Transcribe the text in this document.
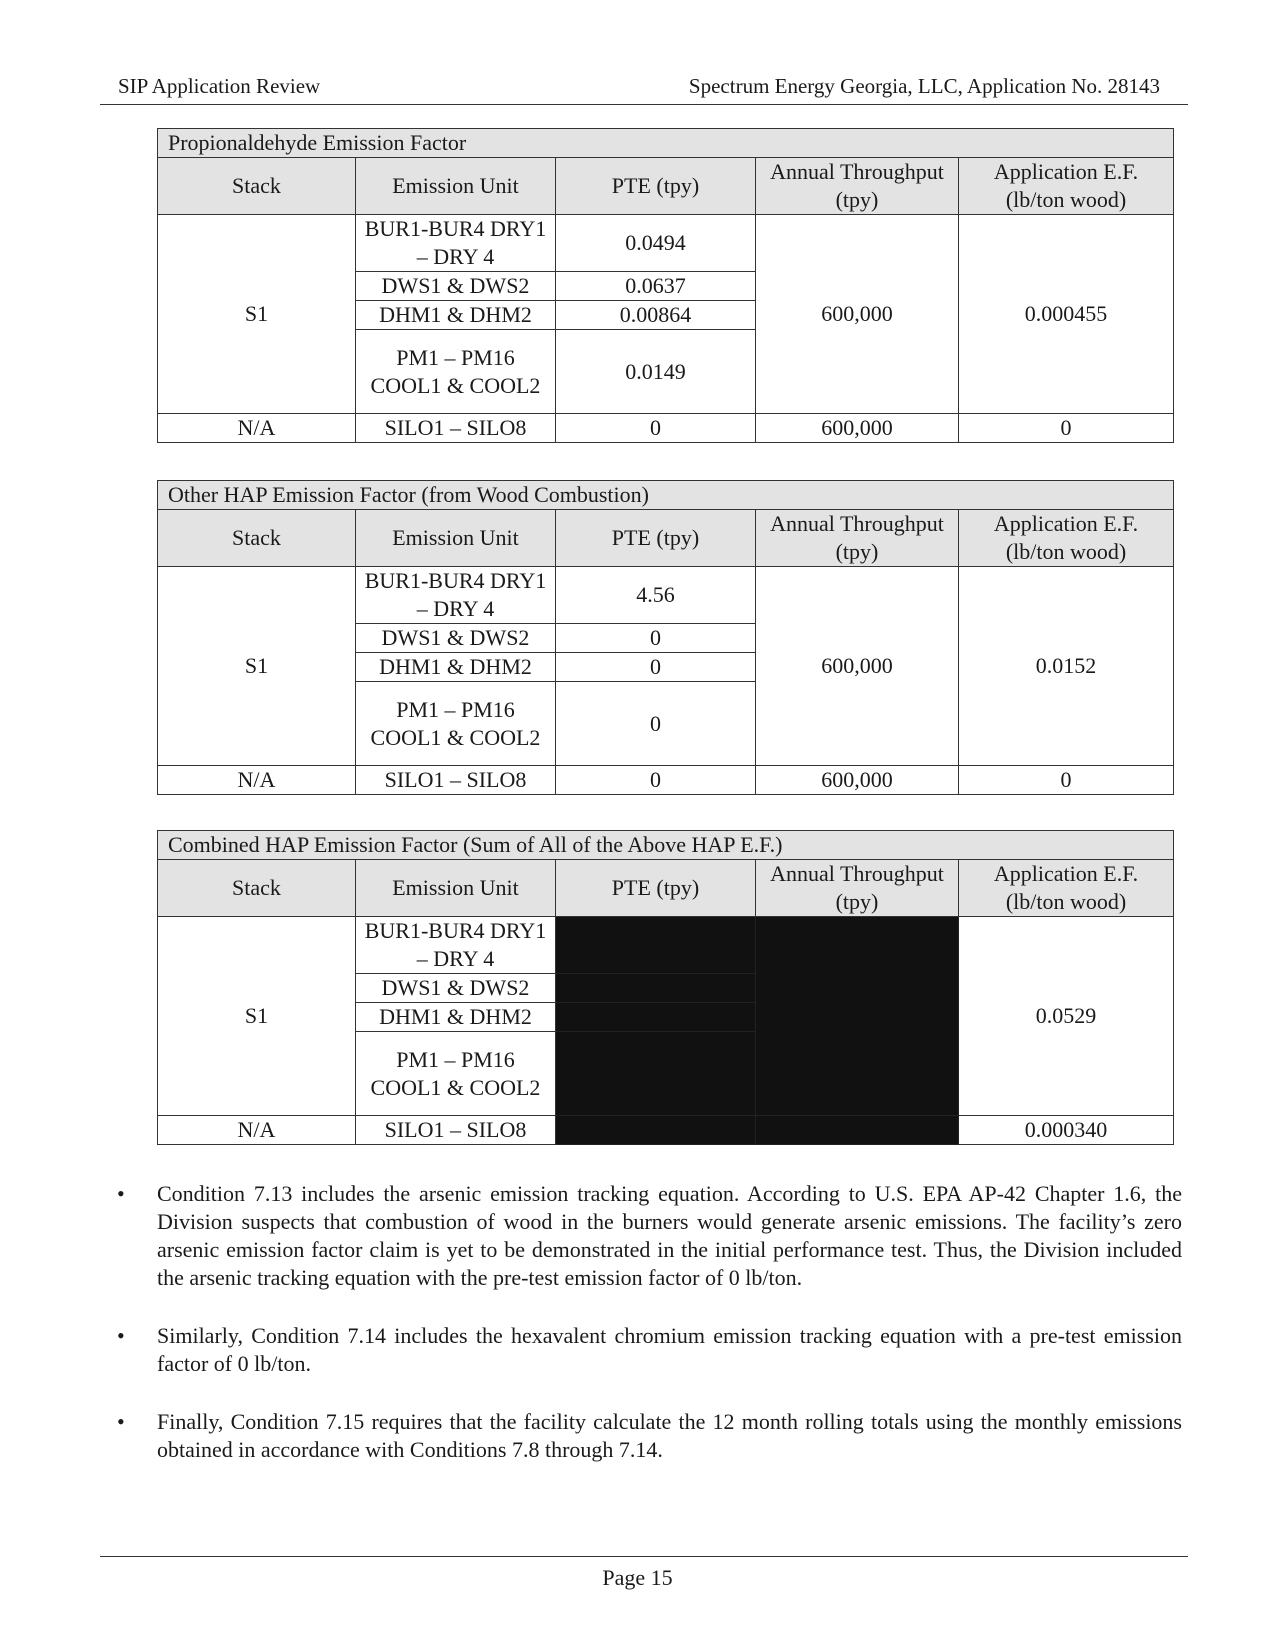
SIP Application Review	Spectrum Energy Georgia, LLC, Application No. 28143
Propionaldehyde Emission Factor				
Stack	Emission Unit	PTE (tpy)	Annual Throughput (tpy)	Application E.F. (lb/ton wood)
S1	BUR1-BUR4 DRY1 – DRY 4	0.0494	600,000	0.000455
	DWS1 & DWS2	0.0637		
	DHM1 & DHM2	0.00864		
	PM1 – PM16 COOL1 & COOL2	0.0149		
N/A	SILO1 – SILO8	0	600,000	0
Other HAP Emission Factor (from Wood Combustion)				
Stack	Emission Unit	PTE (tpy)	Annual Throughput (tpy)	Application E.F. (lb/ton wood)
S1	BUR1-BUR4 DRY1 – DRY 4	4.56	600,000	0.0152
	DWS1 & DWS2	0		
	DHM1 & DHM2	0		
	PM1 – PM16 COOL1 & COOL2	0		
N/A	SILO1 – SILO8	0	600,000	0
Combined HAP Emission Factor (Sum of All of the Above HAP E.F.)				
Stack	Emission Unit	PTE (tpy)	Annual Throughput (tpy)	Application E.F. (lb/ton wood)
S1	BUR1-BUR4 DRY1 – DRY 4			0.0529
	DWS1 & DWS2			
	DHM1 & DHM2			
	PM1 – PM16 COOL1 & COOL2			
N/A	SILO1 – SILO8			0.000340
• Condition 7.13 includes the arsenic emission tracking equation. According to U.S. EPA AP-42 Chapter 1.6, the Division suspects that combustion of wood in the burners would generate arsenic emissions. The facility’s zero arsenic emission factor claim is yet to be demonstrated in the initial performance test. Thus, the Division included the arsenic tracking equation with the pre-test emission factor of 0 lb/ton.
• Similarly, Condition 7.14 includes the hexavalent chromium emission tracking equation with a pre-test emission factor of 0 lb/ton.
• Finally, Condition 7.15 requires that the facility calculate the 12 month rolling totals using the monthly emissions obtained in accordance with Conditions 7.8 through 7.14.
Page 15
